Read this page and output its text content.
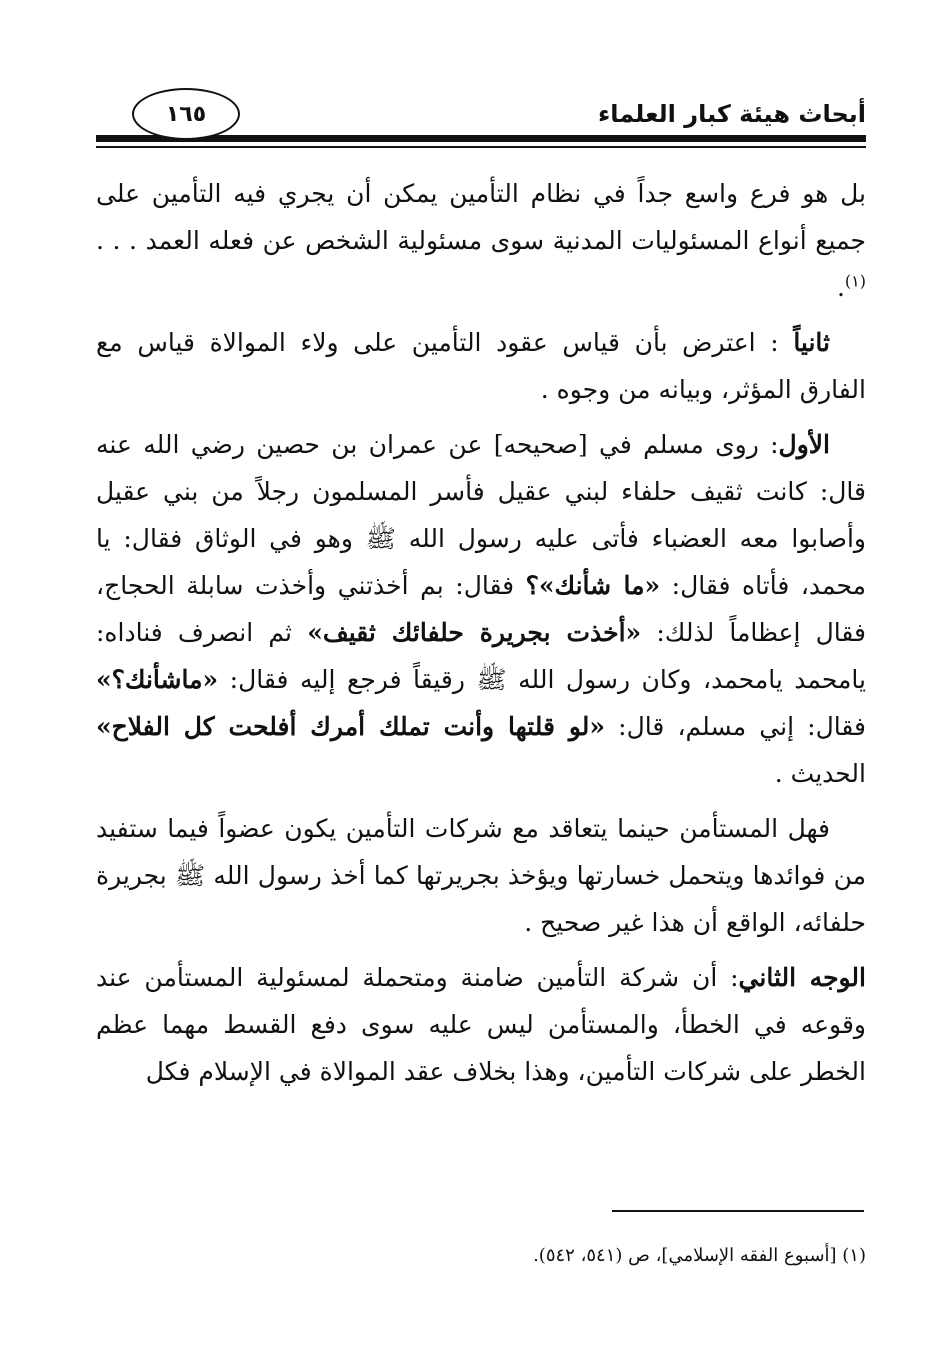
أبحاث هيئة كبار العلماء
١٦٥

بل هو فرع واسع جداً في نظام التأمين يمكن أن يجري فيه التأمين على جميع أنواع المسئوليات المدنية سوى مسئولية الشخص عن فعله العمد . . .$^{(١)}$.

ثانياً : اعترض بأن قياس عقود التأمين على ولاء الموالاة قياس مع الفارق المؤثر، وبيانه من وجوه .

الأول: روى مسلم في [صحيحه] عن عمران بن حصين رضي الله عنه قال: كانت ثقيف حلفاء لبني عقيل فأسر المسلمون رجلاً من بني عقيل وأصابوا معه العضباء فأتى عليه رسول الله ﷺ وهو في الوثاق فقال: يا محمد، فأتاه فقال: «ما شأنك»؟ فقال: بم أخذتني وأخذت سابلة الحجاج، فقال إعظاماً لذلك: «أخذت بجريرة حلفائك ثقيف» ثم انصرف فناداه: يامحمد يامحمد، وكان رسول الله ﷺ رقيقاً فرجع إليه فقال: «ماشأنك؟» فقال: إني مسلم، قال: «لو قلتها وأنت تملك أمرك أفلحت كل الفلاح» الحديث .

فهل المستأمن حينما يتعاقد مع شركات التأمين يكون عضواً فيما ستفيد من فوائدها ويتحمل خسارتها ويؤخذ بجريرتها كما أخذ رسول الله ﷺ بجريرة حلفائه، الواقع أن هذا غير صحيح .

الوجه الثاني: أن شركة التأمين ضامنة ومتحملة لمسئولية المستأمن عند وقوعه في الخطأ، والمستأمن ليس عليه سوى دفع القسط مهما عظم الخطر على شركات التأمين، وهذا بخلاف عقد الموالاة في الإسلام فكل

(١) [أسبوع الفقه الإسلامي]، ص (٥٤١، ٥٤٢).
